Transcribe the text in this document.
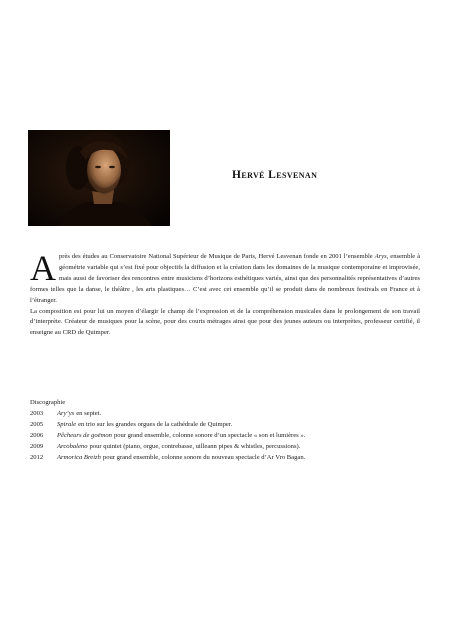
Hervé Lesvenan

Après des études au Conservatoire National Supérieur de Musique de Paris, Hervé Lesvenan fonde en 2001 l’ensemble Arys, ensemble à géométrie variable qui s’est fixé pour objectifs la diffusion et la création dans les domaines de la musique contemporaine et improvisée, mais aussi de favoriser des rencontres entre musiciens d’horizons esthétiques variés, ainsi que des personnalités représentatives d’autres formes telles que la danse, le théâtre , les arts plastiques… C’est avec cet ensemble qu’il se produit dans de nombreux festivals en France et à l’étranger.

La composition est pour lui un moyen d’élargir le champ de l’expression et de la compréhension musicales dans le prolongement de son travail d’interprète. Créateur de musiques pour la scène, pour des courts métrages ainsi que pour des jeunes auteurs ou interprètes, professeur certifié, il enseigne au CRD de Quimper.

Discographie

2003	Ary’ys en septet.
2005	Spirale en trio sur les grandes orgues de la cathédrale de Quimper.
2006	Pêcheurs de goëmon pour grand ensemble, colonne sonore d’un spectacle « son et lumières ».
2009	Arcobaleno pour quintet (piano, orgue, contrebasse, uilleann pipes & whistles, percussions).
2012	Armorica Breizh pour grand ensemble, colonne sonore du nouveau spectacle d’Ar Vro Bagan.
